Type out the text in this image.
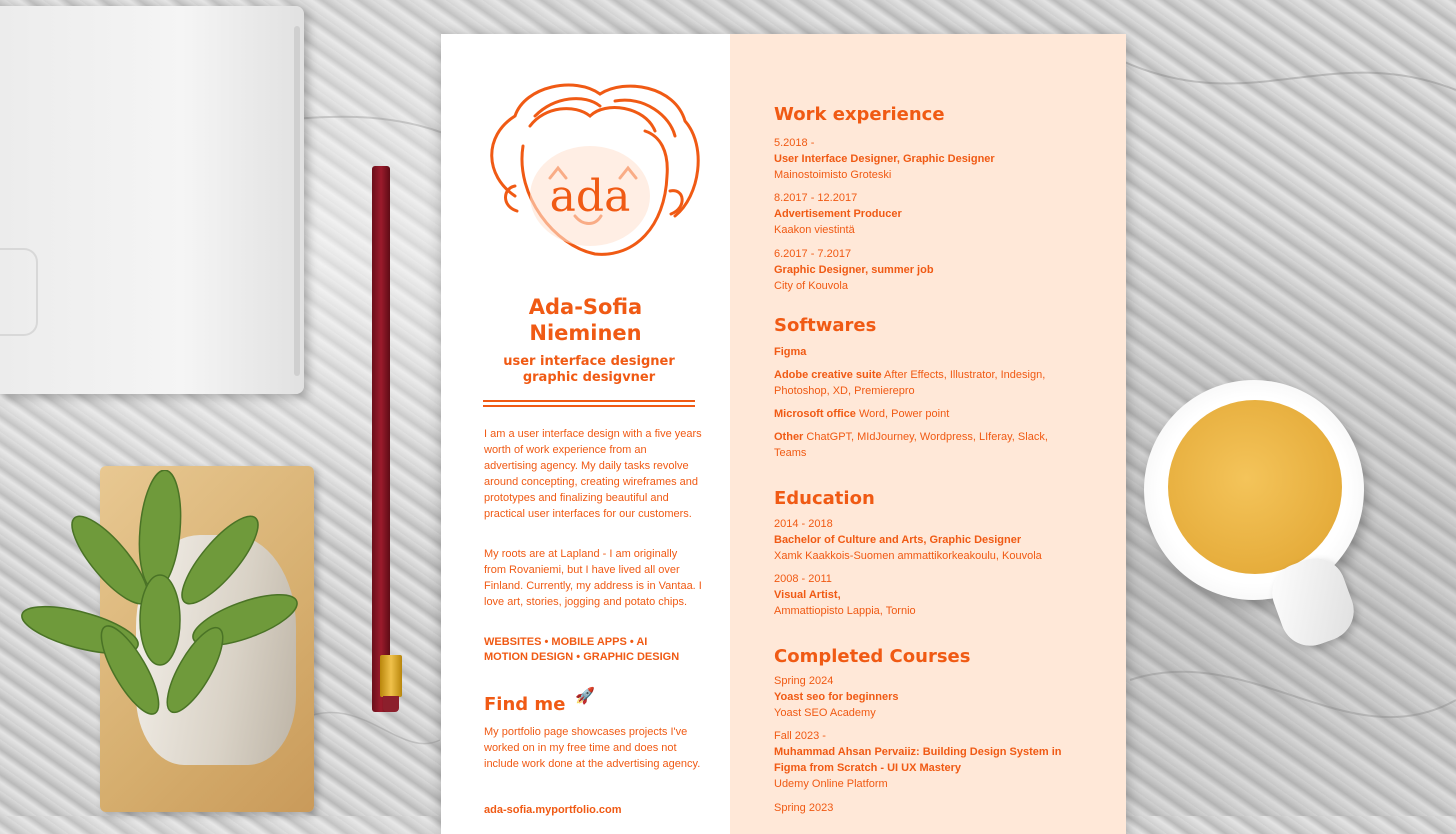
ada
Ada-Sofia
Nieminen
user interface designer
graphic desigvner

I am a user interface design with a five years worth of work experience from an advertising agency. My daily tasks revolve around concepting, creating wireframes and prototypes and finalizing beautiful and practical user interfaces for our customers.

My roots are at Lapland - I am originally from Rovaniemi, but I have lived all over Finland. Currently, my address is in Vantaa. I love art, stories, jogging and potato chips.

WEBSITES • MOBILE APPS • AI
MOTION DESIGN • GRAPHIC DESIGN
Find me 🚀

My portfolio page showcases projects I've worked on in my free time and does not include work done at the advertising agency.

ada-sofia.myportfolio.com
Work experience
5.2018 -
User Interface Designer, Graphic Designer
Mainostoimisto Groteski
8.2017 - 12.2017
Advertisement Producer
Kaakon viestintä
6.2017 - 7.2017
Graphic Designer, summer job
City of Kouvola
Softwares
Figma
Adobe creative suite After Effects, Illustrator, Indesign, Photoshop, XD, Premierepro
Microsoft office Word, Power point
Other ChatGPT, MIdJourney, Wordpress, LIferay, Slack, Teams
Education
2014 - 2018
Bachelor of Culture and Arts, Graphic Designer
Xamk Kaakkois-Suomen ammattikorkeakoulu, Kouvola
2008 - 2011
Visual Artist,
Ammattiopisto Lappia, Tornio
Completed Courses
Spring 2024
Yoast seo for beginners
Yoast SEO Academy
Fall 2023 -
Muhammad Ahsan Pervaiiz: Building Design System in Figma from Scratch - UI UX Mastery
Udemy Online Platform
Spring 2023
